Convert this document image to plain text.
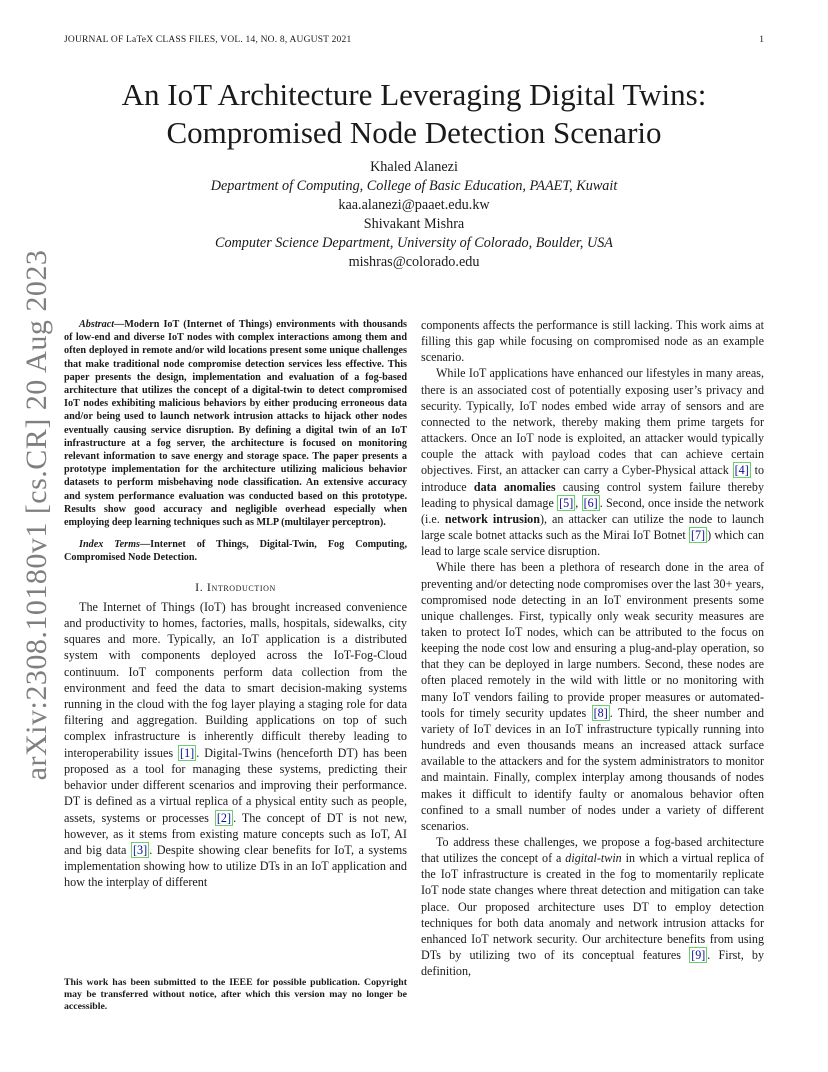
JOURNAL OF LaTeX CLASS FILES, VOL. 14, NO. 8, AUGUST 2021	1
arXiv:2308.10180v1 [cs.CR] 20 Aug 2023
An IoT Architecture Leveraging Digital Twins:
Compromised Node Detection Scenario
Khaled Alanezi
Department of Computing, College of Basic Education, PAAET, Kuwait
kaa.alanezi@paaet.edu.kw
Shivakant Mishra
Computer Science Department, University of Colorado, Boulder, USA
mishras@colorado.edu

Abstract—Modern IoT (Internet of Things) environments with thousands of low-end and diverse IoT nodes with complex interactions among them and often deployed in remote and/or wild locations present some unique challenges that make traditional node compromise detection services less effective. This paper presents the design, implementation and evaluation of a fog-based architecture that utilizes the concept of a digital-twin to detect compromised IoT nodes exhibiting malicious behaviors by either producing erroneous data and/or being used to launch network intrusion attacks to hijack other nodes eventually causing service disruption. By defining a digital twin of an IoT infrastructure at a fog server, the architecture is focused on monitoring relevant information to save energy and storage space. The paper presents a prototype implementation for the architecture utilizing malicious behavior datasets to perform misbehaving node classification. An extensive accuracy and system performance evaluation was conducted based on this prototype. Results show good accuracy and negligible overhead especially when employing deep learning techniques such as MLP (multilayer perceptron).

Index Terms—Internet of Things, Digital-Twin, Fog Computing, Compromised Node Detection.

I. Introduction

The Internet of Things (IoT) has brought increased convenience and productivity to homes, factories, malls, hospitals, sidewalks, city squares and more. Typically, an IoT application is a distributed system with components deployed across the IoT-Fog-Cloud continuum. IoT components perform data collection from the environment and feed the data to smart decision-making systems running in the cloud with the fog layer playing a staging role for data filtering and aggregation. Building applications on top of such complex infrastructure is inherently difficult thereby leading to interoperability issues [1] . Digital-Twins (henceforth DT) has been proposed as a tool for managing these systems, predicting their behavior under different scenarios and improving their performance. DT is defined as a virtual replica of a physical entity such as people, assets, systems or processes [2] . The concept of DT is not new, however, as it stems from existing mature concepts such as IoT, AI and big data [3] . Despite showing clear benefits for IoT, a systems implementation showing how to utilize DTs in an IoT application and how the interplay of different

This work has been submitted to the IEEE for possible publication. Copyright may be transferred without notice, after which this version may no longer be accessible.

components affects the performance is still lacking. This work aims at filling this gap while focusing on compromised node as an example scenario.

While IoT applications have enhanced our lifestyles in many areas, there is an associated cost of potentially exposing user’s privacy and security. Typically, IoT nodes embed wide array of sensors and are connected to the network, thereby making them prime targets for attackers. Once an IoT node is exploited, an attacker would typically couple the attack with payload codes that can achieve certain objectives. First, an attacker can carry a Cyber-Physical attack [4] to introduce data anomalies causing control system failure thereby leading to physical damage [5] , [6] . Second, once inside the network (i.e. network intrusion), an attacker can utilize the node to launch large scale botnet attacks such as the Mirai IoT Botnet [7] ) which can lead to large scale service disruption.

While there has been a plethora of research done in the area of preventing and/or detecting node compromises over the last 30+ years, compromised node detecting in an IoT environment presents some unique challenges. First, typically only weak security measures are taken to protect IoT nodes, which can be attributed to the focus on keeping the node cost low and ensuring a plug-and-play operation, so that they can be deployed in large numbers. Second, these nodes are often placed remotely in the wild with little or no monitoring with many IoT vendors failing to provide proper measures or automated-tools for timely security updates [8] . Third, the sheer number and variety of IoT devices in an IoT infrastructure typically running into hundreds and even thousands means an increased attack surface available to the attackers and for the system administrators to monitor and maintain. Finally, complex interplay among thousands of nodes makes it difficult to identify faulty or anomalous behavior often confined to a small number of nodes under a variety of different scenarios.

To address these challenges, we propose a fog-based architecture that utilizes the concept of a digital-twin in which a virtual replica of the IoT infrastructure is created in the fog to momentarily replicate IoT node state changes where threat detection and mitigation can take place. Our proposed architecture uses DT to employ detection techniques for both data anomaly and network intrusion attacks for enhanced IoT network security. Our architecture benefits from using DTs by utilizing two of its conceptual features [9] . First, by definition,
